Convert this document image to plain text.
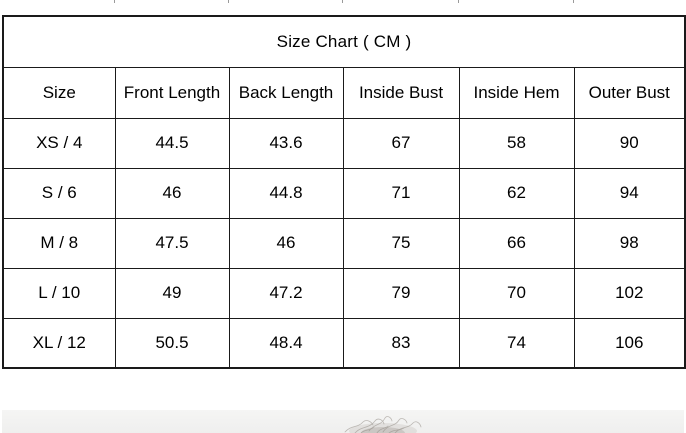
Size Chart ( CM )					
Size	Front Length	Back Length	Inside Bust	Inside Hem	Outer Bust
XS / 4	44.5	43.6	67	58	90
S / 6	46	44.8	71	62	94
M / 8	47.5	46	75	66	98
L / 10	49	47.2	79	70	102
XL / 12	50.5	48.4	83	74	106
